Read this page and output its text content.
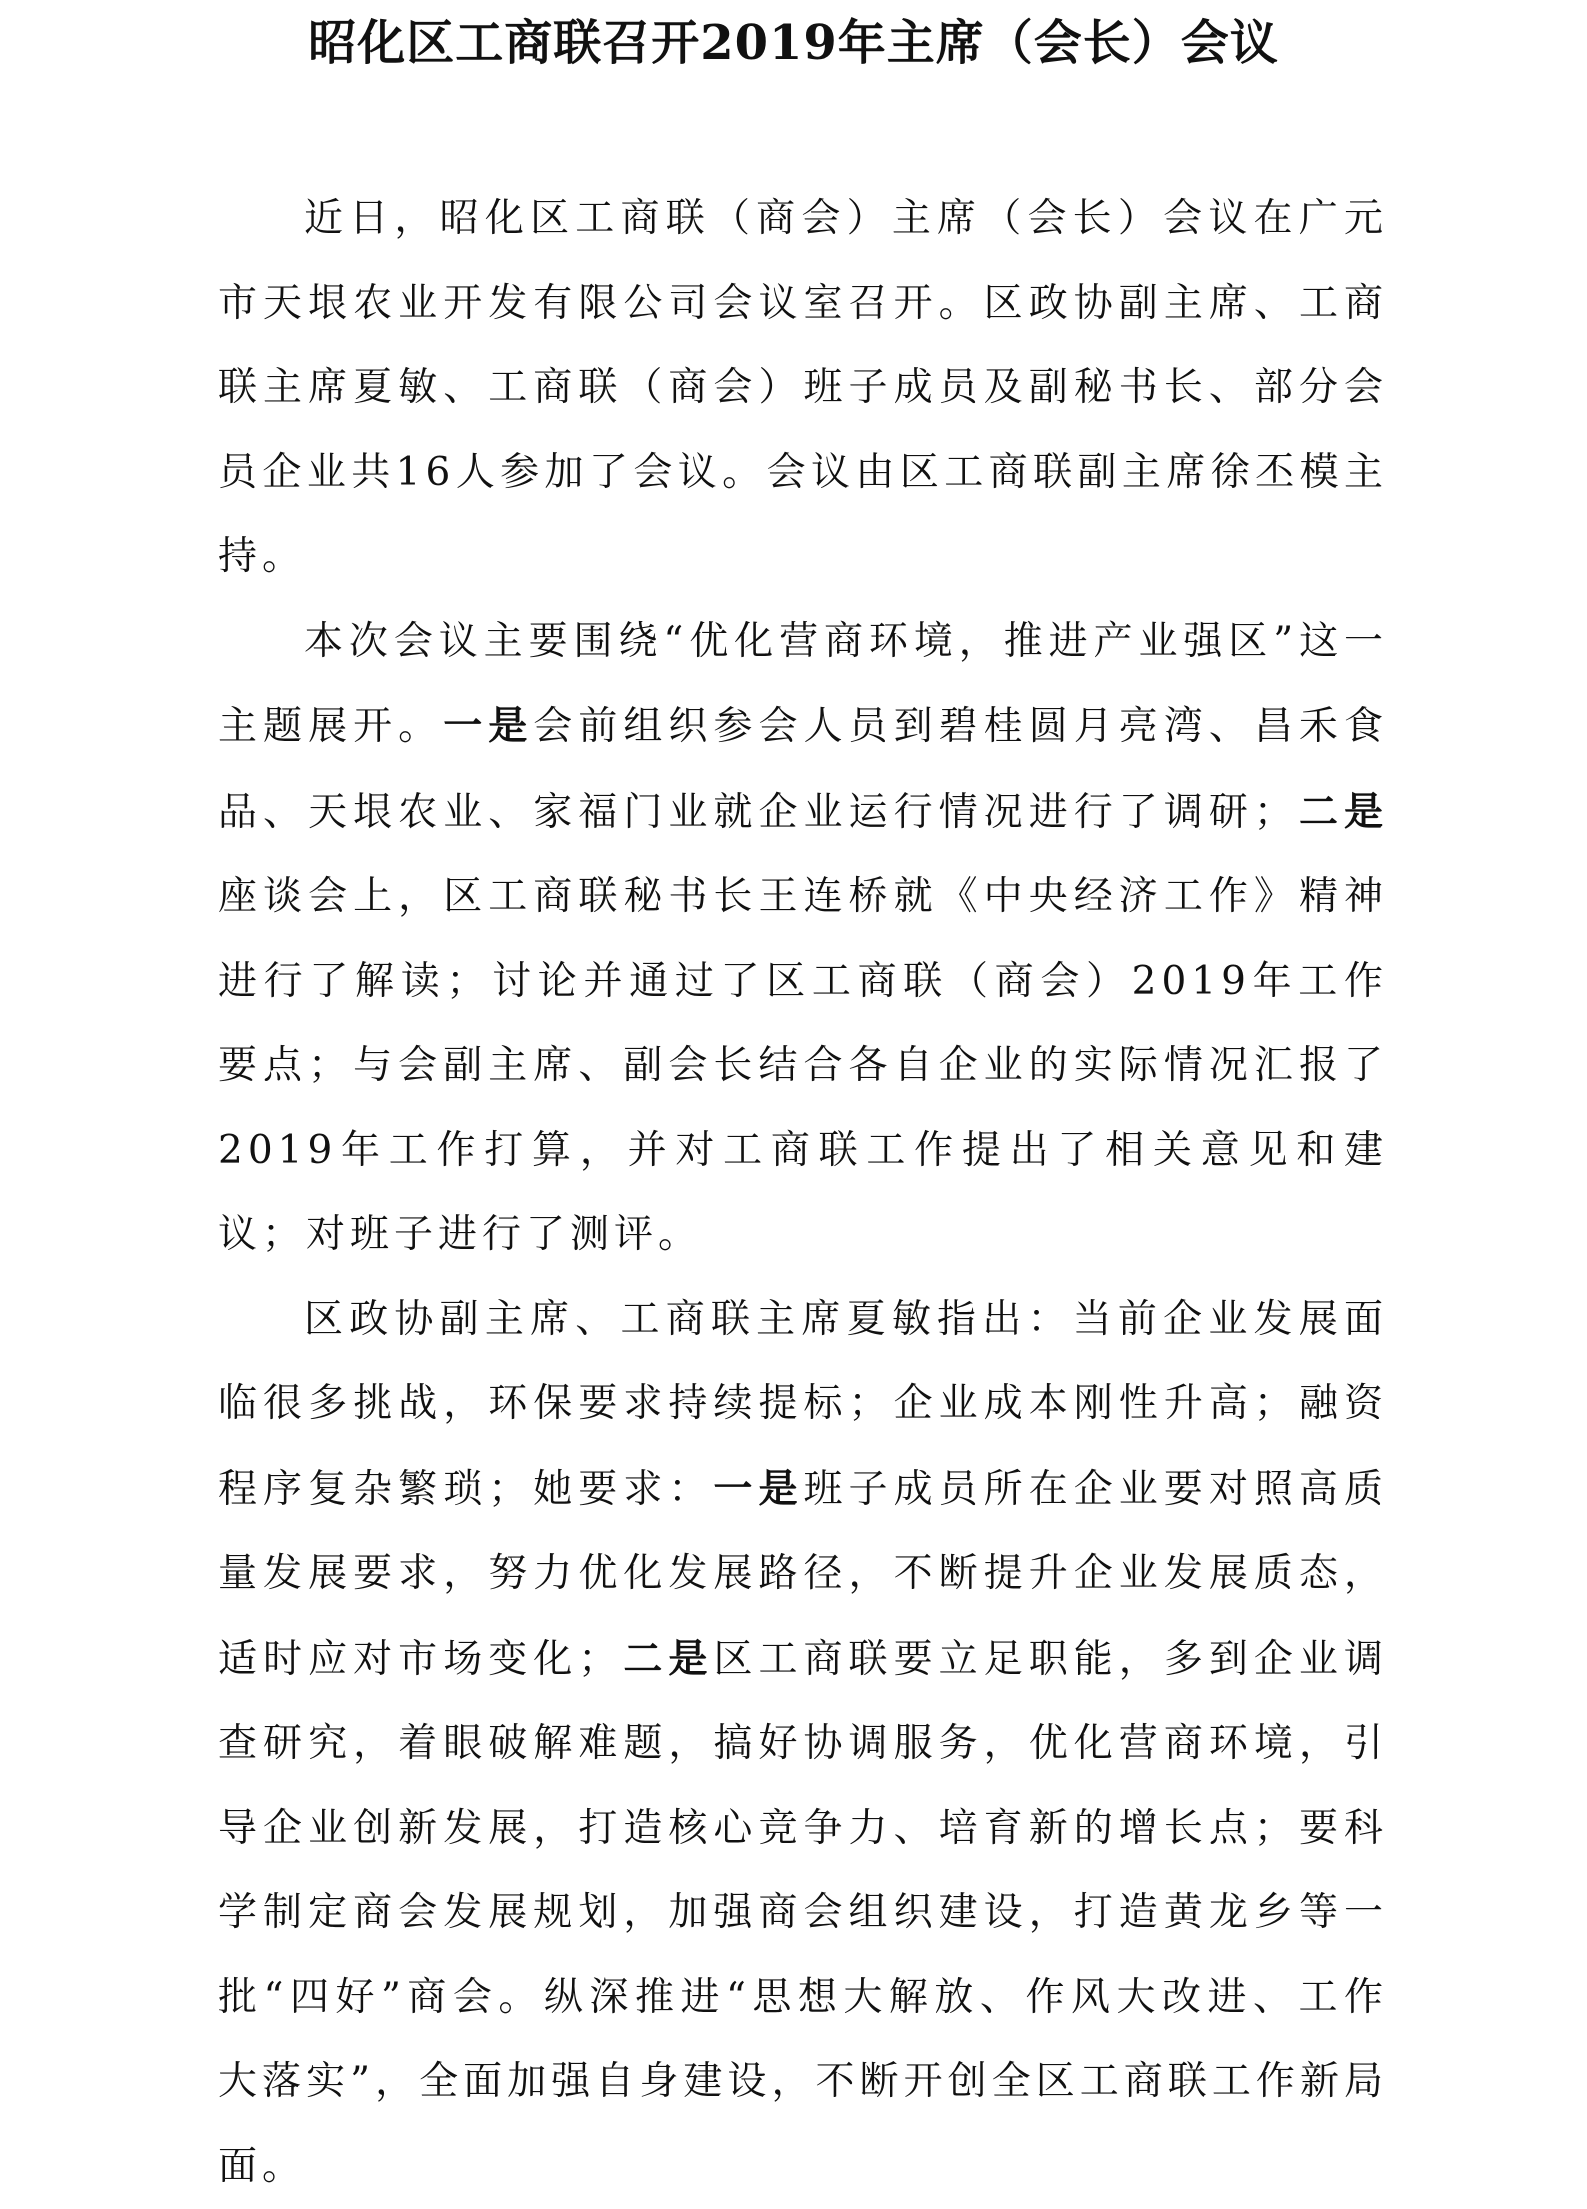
昭化区工商联召开2019年主席（会长）会议

近日，昭化区工商联（商会）主席（会长）会议在广元市天垠农业开发有限公司会议室召开。区政协副主席、工商联主席夏敏、工商联（商会）班子成员及副秘书长、部分会员企业共16人参加了会议。会议由区工商联副主席徐丕模主持。

本次会议主要围绕“优化营商环境，推进产业强区”这一主题展开。一是会前组织参会人员到碧桂圆月亮湾、昌禾食品、天垠农业、家福门业就企业运行情况进行了调研；二是座谈会上，区工商联秘书长王连桥就《中央经济工作》精神进行了解读；讨论并通过了区工商联（商会）2019年工作要点；与会副主席、副会长结合各自企业的实际情况汇报了2019年工作打算，并对工商联工作提出了相关意见和建议；对班子进行了测评。

区政协副主席、工商联主席夏敏指出：当前企业发展面临很多挑战，环保要求持续提标；企业成本刚性升高；融资程序复杂繁琐；她要求：一是班子成员所在企业要对照高质量发展要求，努力优化发展路径，不断提升企业发展质态，适时应对市场变化；二是区工商联要立足职能，多到企业调查研究，着眼破解难题，搞好协调服务，优化营商环境，引导企业创新发展，打造核心竞争力、培育新的增长点；要科学制定商会发展规划，加强商会组织建设，打造黄龙乡等一批“四好”商会。纵深推进“思想大解放、作风大改进、工作大落实”，全面加强自身建设，不断开创全区工商联工作新局面。
